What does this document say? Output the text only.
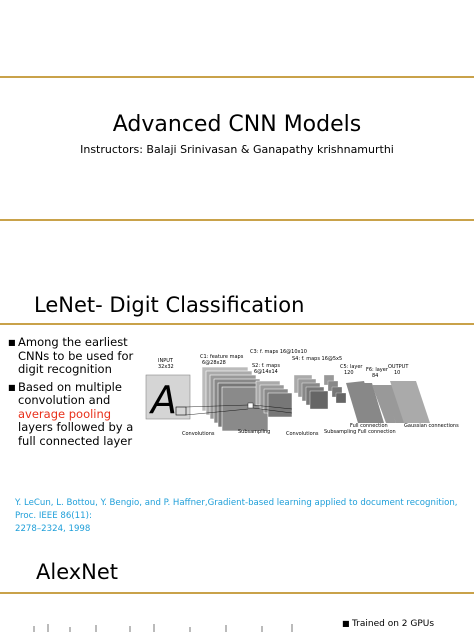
Advanced CNN Models
Instructors: Balaji Srinivasan & Ganapathy krishnamurthi
LeNet- Digit Classification
■ Among the earliest
CNNs to be used for
digit recognition
■ Based on multiple
convolution and
average pooling
layers followed by a
full connected layer
INPUT
32x32
C1: feature maps
6@28x28
C3: f. maps 16@10x10
S2: f. maps
6@14x14
S4: f. maps 16@5x5
C5: layer
120 F6: layer
84
OUTPUT
10
A
Convolutions	Subsampling	Convolutions Subsampling
Full connection
Full connection
Gaussian connections
Y. LeCun, L. Bottou, Y. Bengio, and P. Haffner,Gradient-based learning applied to document recognition, Proc. IEEE 86(11):
2278–2324, 1998
AlexNet
■ Trained on 2 GPUs
